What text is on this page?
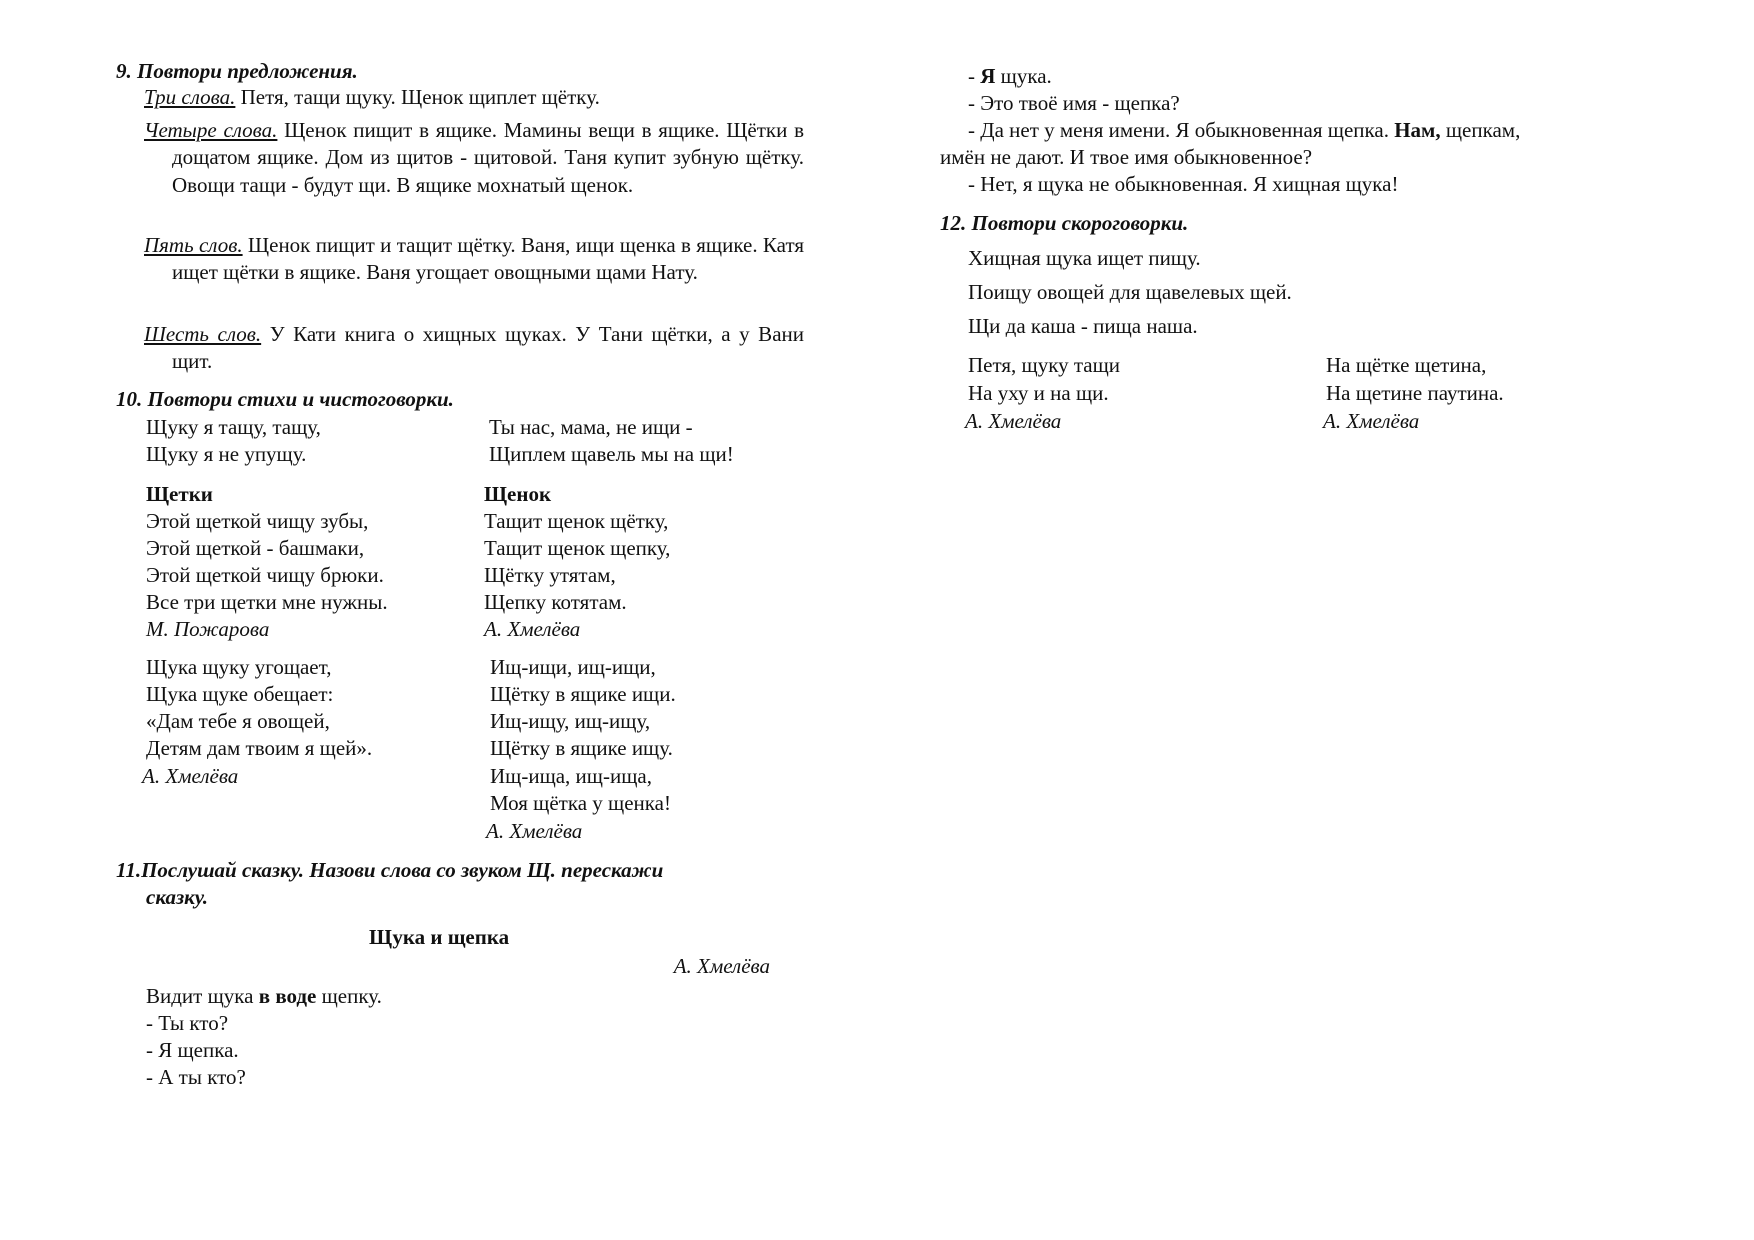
9. Повтори предложения.
Три слова. Петя, тащи щуку. Щенок щиплет щётку.
Четыре слова. Щенок пищит в ящике. Мамины вещи в ящике. Щётки в дощатом ящике. Дом из щитов - щитовой. Таня купит зубную щётку. Овощи тащи - будут щи. В ящике мохнатый щенок.
Пять слов. Щенок пищит и тащит щётку. Ваня, ищи щенка в ящике. Катя ищет щётки в ящике. Ваня угощает овощными щами Нату.
Шесть слов. У Кати книга о хищных щуках. У Тани щётки, а у Вани щит.
10. Повтори стихи и чистоговорки.
Щуку я тащу, тащу,
Щуку я не упущу.
Ты нас, мама, не ищи -
Щиплем щавель мы на щи!
Щетки
Этой щеткой чищу зубы,
Этой щеткой - башмаки,
Этой щеткой чищу брюки.
Все три щетки мне нужны.
М. Пожарова
Щенок
Тащит щенок щётку,
Тащит щенок щепку,
Щётку утятам,
Щепку котятам.
А. Хмелёва
Щука щуку угощает,
Щука щуке обещает:
«Дам тебе я овощей,
Детям дам твоим я щей».
А. Хмелёва
Ищ-ищи, ищ-ищи,
Щётку в ящике ищи.
Ищ-ищу, ищ-ищу,
Щётку в ящике ищу.
Ищ-ища, ищ-ища,
Моя щётка у щенка!
А. Хмелёва
11.Послушай сказку. Назови слова со звуком Щ. перескажи
сказку.
Щука и щепка
А. Хмелёва
Видит щука в воде щепку.
- Ты кто?
- Я щепка.
- А ты кто?
- Я щука.
- Это твоё имя - щепка?
- Да нет у меня имени. Я обыкновенная щепка. Нам, щепкам,
имён не дают. И твое имя обыкновенное?
- Нет, я щука не обыкновенная. Я хищная щука!
12. Повтори скороговорки.
Хищная щука ищет пищу.
Поищу овощей для щавелевых щей.
Щи да каша - пища наша.
Петя, щуку тащи
На уху и на щи.
А. Хмелёва
На щётке щетина,
На щетине паутина.
А. Хмелёва
